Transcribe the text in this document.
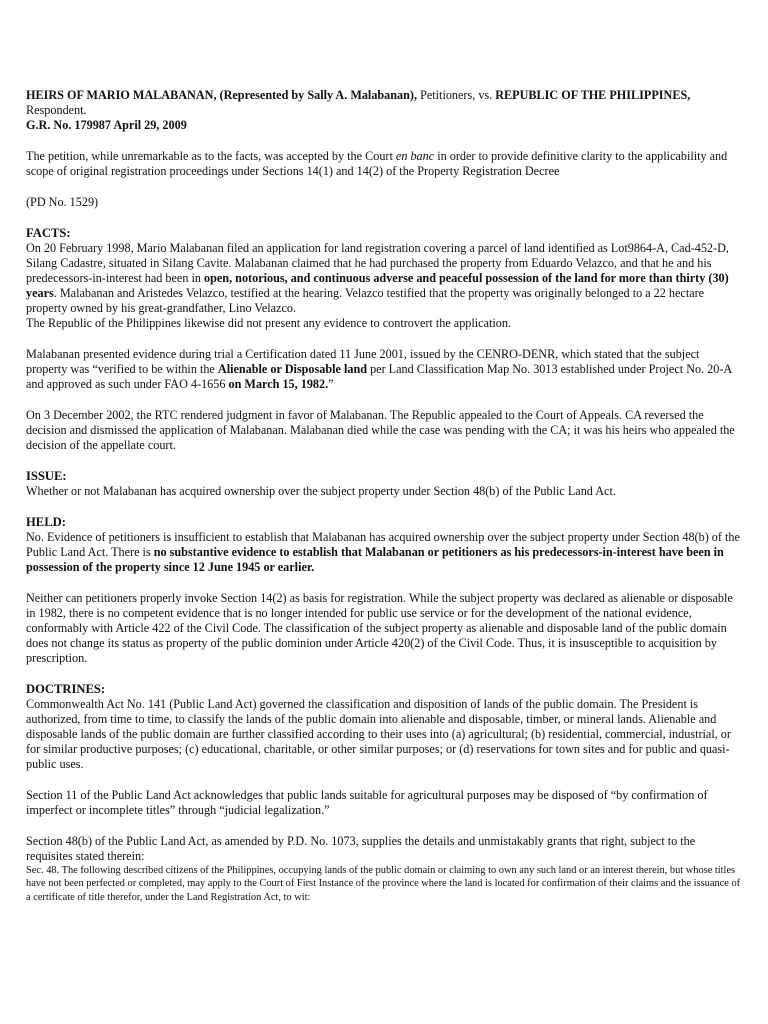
HEIRS OF MARIO MALABANAN, (Represented by Sally A. Malabanan), Petitioners, vs. REPUBLIC OF THE PHILIPPINES, Respondent.
G.R. No. 179987 April 29, 2009

The petition, while unremarkable as to the facts, was accepted by the Court en banc in order to provide definitive clarity to the applicability and scope of original registration proceedings under Sections 14(1) and 14(2) of the Property Registration Decree

(PD No. 1529)

FACTS:

On 20 February 1998, Mario Malabanan filed an application for land registration covering a parcel of land identified as Lot9864-A, Cad-452-D, Silang Cadastre, situated in Silang Cavite. Malabanan claimed that he had purchased the property from Eduardo Velazco, and that he and his predecessors-in-interest had been in open, notorious, and continuous adverse and peaceful possession of the land for more than thirty (30) years. Malabanan and Aristedes Velazco, testified at the hearing. Velazco testified that the property was originally belonged to a 22 hectare property owned by his great-grandfather, Lino Velazco.
The Republic of the Philippines likewise did not present any evidence to controvert the application.

Malabanan presented evidence during trial a Certification dated 11 June 2001, issued by the CENRO-DENR, which stated that the subject property was “verified to be within the Alienable or Disposable land per Land Classification Map No. 3013 established under Project No. 20-A and approved as such under FAO 4-1656 on March 15, 1982.”

On 3 December 2002, the RTC rendered judgment in favor of Malabanan. The Republic appealed to the Court of Appeals. CA reversed the decision and dismissed the application of Malabanan. Malabanan died while the case was pending with the CA; it was his heirs who appealed the decision of the appellate court.

ISSUE:

Whether or not Malabanan has acquired ownership over the subject property under Section 48(b) of the Public Land Act.

HELD:

No. Evidence of petitioners is insufficient to establish that Malabanan has acquired ownership over the subject property under Section 48(b) of the Public Land Act. There is no substantive evidence to establish that Malabanan or petitioners as his predecessors-in-interest have been in possession of the property since 12 June 1945 or earlier.

Neither can petitioners properly invoke Section 14(2) as basis for registration. While the subject property was declared as alienable or disposable in 1982, there is no competent evidence that is no longer intended for public use service or for the development of the national evidence, conformably with Article 422 of the Civil Code. The classification of the subject property as alienable and disposable land of the public domain does not change its status as property of the public dominion under Article 420(2) of the Civil Code. Thus, it is insusceptible to acquisition by prescription.

DOCTRINES:

Commonwealth Act No. 141 (Public Land Act) governed the classification and disposition of lands of the public domain. The President is authorized, from time to time, to classify the lands of the public domain into alienable and disposable, timber, or mineral lands. Alienable and disposable lands of the public domain are further classified according to their uses into (a) agricultural; (b) residential, commercial, industrial, or for similar productive purposes; (c) educational, charitable, or other similar purposes; or (d) reservations for town sites and for public and quasi-public uses.

Section 11 of the Public Land Act acknowledges that public lands suitable for agricultural purposes may be disposed of “by confirmation of imperfect or incomplete titles” through “judicial legalization.”

Section 48(b) of the Public Land Act, as amended by P.D. No. 1073, supplies the details and unmistakably grants that right, subject to the requisites stated therein:

Sec. 48. The following described citizens of the Philippines, occupying lands of the public domain or claiming to own any such land or an interest therein, but whose titles have not been perfected or completed, may apply to the Court of First Instance of the province where the land is located for confirmation of their claims and the issuance of a certificate of title therefor, under the Land Registration Act, to wit:
